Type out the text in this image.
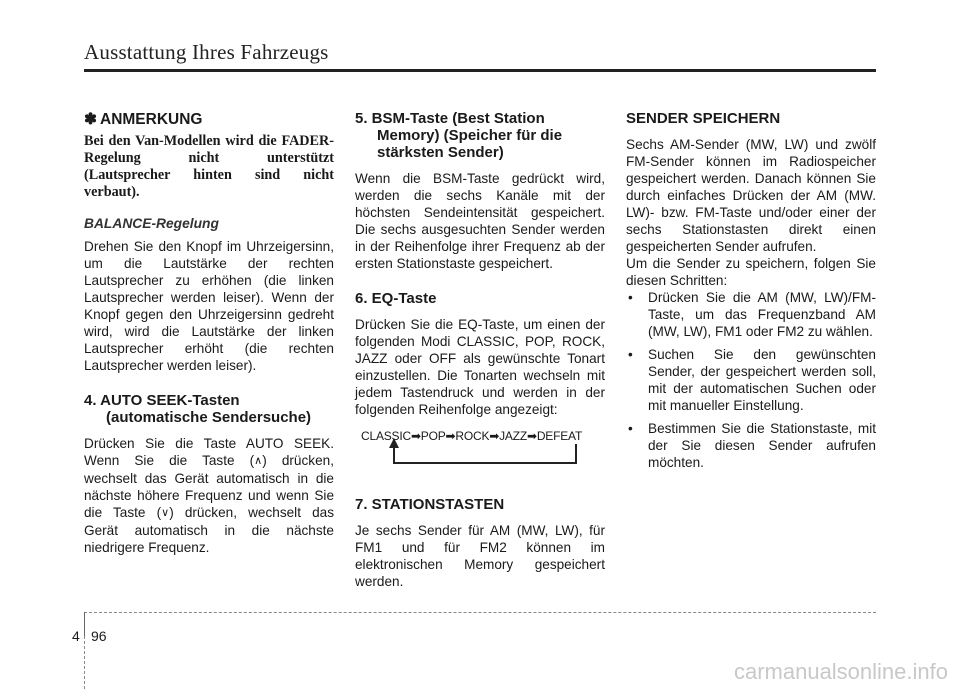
Ausstattung Ihres Fahrzeugs
✽ ANMERKUNG

Bei den Van-Modellen wird die FADER-Regelung nicht unterstützt (Lautsprecher hinten sind nicht verbaut).

BALANCE-Regelung

Drehen Sie den Knopf im Uhrzeigersinn, um die Lautstärke der rechten Lautsprecher zu erhöhen (die linken Lautsprecher werden leiser). Wenn der Knopf gegen den Uhrzeigersinn gedreht wird, wird die Lautstärke der linken Lautsprecher erhöht (die rechten Lautsprecher werden leiser).

4. AUTO SEEK-Tasten
(automatische Sendersuche)

Drücken Sie die Taste AUTO SEEK. Wenn Sie die Taste (∧) drücken, wechselt das Gerät automatisch in die nächste höhere Frequenz und wenn Sie die Taste (∨) drücken, wechselt das Gerät automatisch in die nächste niedrigere Frequenz.

5. BSM-Taste (Best Station
Memory) (Speicher für die
stärksten Sender)

Wenn die BSM-Taste gedrückt wird, werden die sechs Kanäle mit der höchsten Sendeintensität gespeichert. Die sechs ausgesuchten Sender werden in der Reihenfolge ihrer Frequenz ab der ersten Stationstaste gespeichert.

6. EQ-Taste

Drücken Sie die EQ-Taste, um einen der folgenden Modi CLASSIC, POP, ROCK, JAZZ oder OFF als gewünschte Tonart einzustellen. Die Tonarten wechseln mit jedem Tastendruck und werden in der folgenden Reihenfolge angezeigt:

CLASSIC➡POP➡ROCK➡JAZZ➡DEFEAT
7. STATIONSTASTEN

Je sechs Sender für AM (MW, LW), für FM1 und für FM2 können im elektronischen Memory gespeichert werden.

SENDER SPEICHERN

Sechs AM-Sender (MW, LW) und zwölf FM-Sender können im Radiospeicher gespeichert werden. Danach können Sie durch einfaches Drücken der AM (MW. LW)- bzw. FM-Taste und/oder einer der sechs Stationstasten direkt einen gespeicherten Sender aufrufen.

Um die Sender zu speichern, folgen Sie diesen Schritten:

• Drücken Sie die AM (MW, LW)/FM-Taste, um das Frequenzband AM (MW, LW), FM1 oder FM2 zu wählen.
• Suchen Sie den gewünschten Sender, der gespeichert werden soll, mit der automatischen Suchen oder mit manueller Einstellung.
• Bestimmen Sie die Stationstaste, mit der Sie diesen Sender aufrufen möchten.
4 96
carmanualsonline.info
